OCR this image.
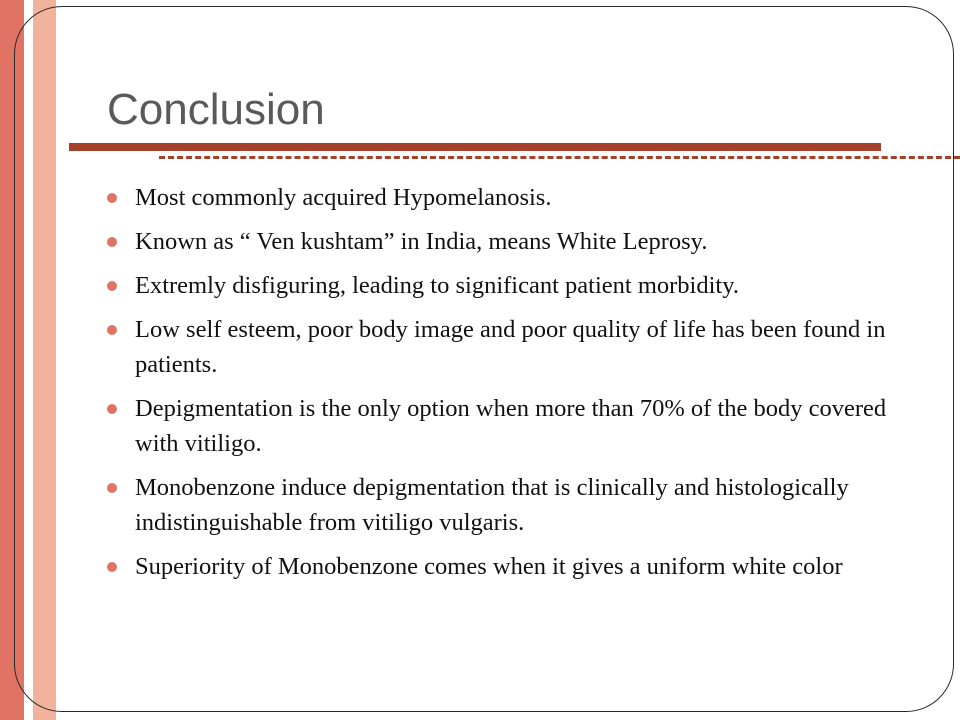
Conclusion
Most commonly acquired Hypomelanosis.
Known as “ Ven kushtam” in India, means White Leprosy.
Extremly disfiguring, leading to significant patient morbidity.
Low self esteem, poor body image and poor quality of life has been found in patients.
Depigmentation is the only option when more than 70% of the body covered with vitiligo.
Monobenzone induce depigmentation that is clinically and histologically indistinguishable from vitiligo vulgaris.
Superiority of Monobenzone comes when it gives a uniform white color
